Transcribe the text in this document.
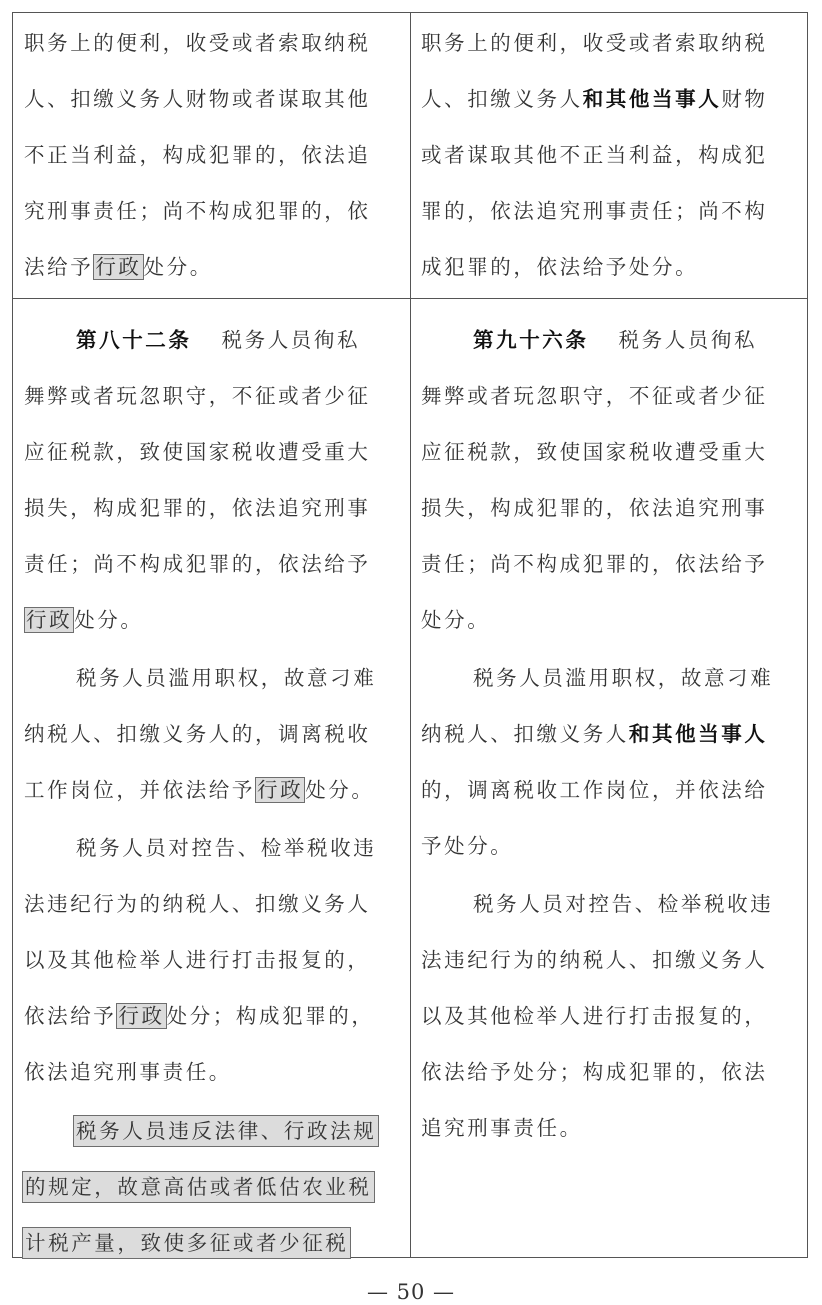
职务上的便利，收受或者索取纳税
人、扣缴义务人财物或者谋取其他
不正当利益，构成犯罪的，依法追
究刑事责任；尚不构成犯罪的，依
法给予行政处分。
职务上的便利，收受或者索取纳税
人、扣缴义务人和其他当事人财物
或者谋取其他不正当利益，构成犯
罪的，依法追究刑事责任；尚不构
成犯罪的，依法给予处分。
第八十二条 税务人员徇私
舞弊或者玩忽职守，不征或者少征
应征税款，致使国家税收遭受重大
损失，构成犯罪的，依法追究刑事
责任；尚不构成犯罪的，依法给予
行政处分。
税务人员滥用职权，故意刁难
纳税人、扣缴义务人的，调离税收
工作岗位，并依法给予行政处分。
税务人员对控告、检举税收违
法违纪行为的纳税人、扣缴义务人
以及其他检举人进行打击报复的，
依法给予行政处分；构成犯罪的，
依法追究刑事责任。
税务人员违反法律、行政法规
的规定，故意高估或者低估农业税
计税产量，致使多征或者少征税
第九十六条 税务人员徇私
舞弊或者玩忽职守，不征或者少征
应征税款，致使国家税收遭受重大
损失，构成犯罪的，依法追究刑事
责任；尚不构成犯罪的，依法给予
处分。
税务人员滥用职权，故意刁难
纳税人、扣缴义务人和其他当事人
的，调离税收工作岗位，并依法给
予处分。
税务人员对控告、检举税收违
法违纪行为的纳税人、扣缴义务人
以及其他检举人进行打击报复的，
依法给予处分；构成犯罪的，依法
追究刑事责任。
— 50 —
